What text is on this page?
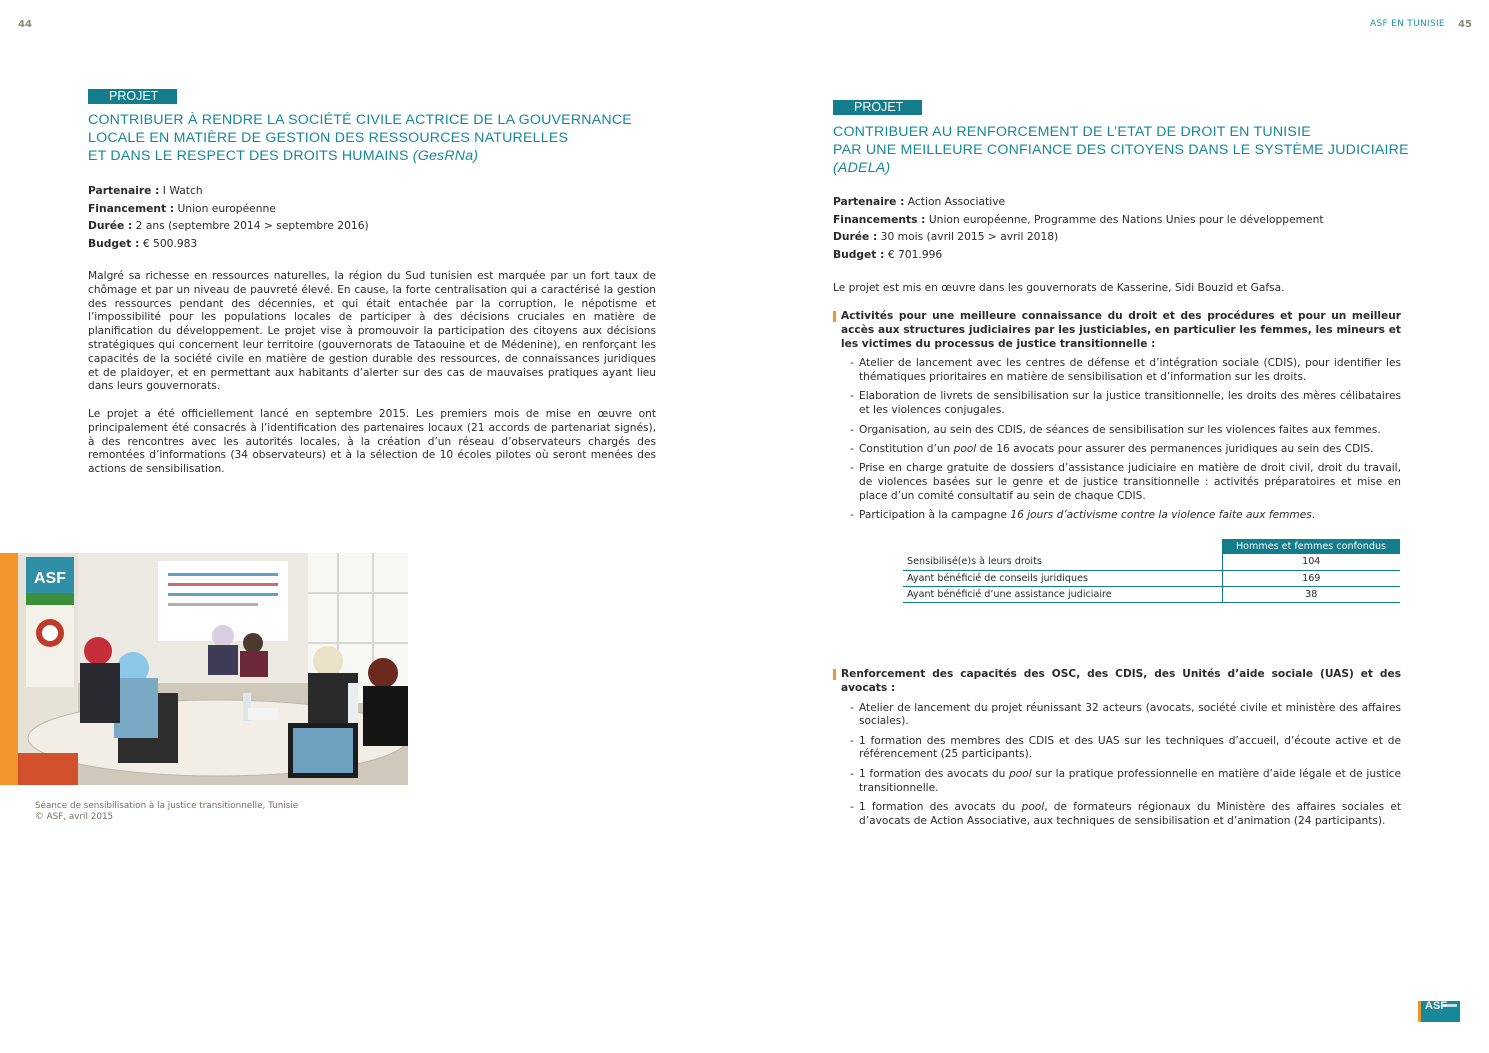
44	ASF EN TUNISIE 45
PROJET
CONTRIBUER À RENDRE LA SOCIÉTÉ CIVILE ACTRICE DE LA GOUVERNANCE
LOCALE EN MATIÈRE DE GESTION DES RESSOURCES NATURELLES
ET DANS LE RESPECT DES DROITS HUMAINS (GesRNa)
Partenaire : I Watch
Financement : Union européenne
Durée : 2 ans (septembre 2014 > septembre 2016)
Budget : € 500.983

Malgré sa richesse en ressources naturelles, la région du Sud tunisien est marquée par un fort taux de chômage et par un niveau de pauvreté élevé. En cause, la forte centralisation qui a caractérisé la gestion des ressources pendant des décennies, et qui était entachée par la corruption, le népotisme et l’impossibilité pour les populations locales de participer à des décisions cruciales en matière de planification du développement. Le projet vise à promouvoir la participation des citoyens aux décisions stratégiques qui concernent leur territoire (gouvernorats de Tataouine et de Médenine), en renforçant les capacités de la société civile en matière de gestion durable des ressources, de connaissances juridiques et de plaidoyer, et en permettant aux habitants d’alerter sur des cas de mauvaises pratiques ayant lieu dans leurs gouvernorats.

Le projet a été officiellement lancé en septembre 2015. Les premiers mois de mise en œuvre ont principalement été consacrés à l’identification des partenaires locaux (21 accords de partenariat signés), à des rencontres avec les autorités locales, à la création d’un réseau d’observateurs chargés des remontées d’informations (34 observateurs) et à la sélection de 10 écoles pilotes où seront menées des actions de sensibilisation.

ASF
Séance de sensibilisation à la justice transitionnelle, Tunisie
© ASF, avril 2015
PROJET
CONTRIBUER AU RENFORCEMENT DE L’ETAT DE DROIT EN TUNISIE
PAR UNE MEILLEURE CONFIANCE DES CITOYENS DANS LE SYSTÈME JUDICIAIRE
(ADELA)
Partenaire : Action Associative
Financements : Union européenne, Programme des Nations Unies pour le développement
Durée : 30 mois (avril 2015 > avril 2018)
Budget : € 701.996

Le projet est mis en œuvre dans les gouvernorats de Kasserine, Sidi Bouzid et Gafsa.

Activités pour une meilleure connaissance du droit et des procédures et pour un meilleur accès aux structures judiciaires par les justiciables, en particulier les femmes, les mineurs et les victimes du processus de justice transitionnelle :
- Atelier de lancement avec les centres de défense et d’intégration sociale (CDIS), pour identifier les thématiques prioritaires en matière de sensibilisation et d’information sur les droits.
- Elaboration de livrets de sensibilisation sur la justice transitionnelle, les droits des mères célibataires et les violences conjugales.
- Organisation, au sein des CDIS, de séances de sensibilisation sur les violences faites aux femmes.
- Constitution d’un pool de 16 avocats pour assurer des permanences juridiques au sein des CDIS.
- Prise en charge gratuite de dossiers d’assistance judiciaire en matière de droit civil, droit du travail, de violences basées sur le genre et de justice transitionnelle : activités préparatoires et mise en place d’un comité consultatif au sein de chaque CDIS.
- Participation à la campagne 16 jours d’activisme contre la violence faite aux femmes.
	Hommes et femmes confondus
Sensibilisé(e)s à leurs droits	104
Ayant bénéficié de conseils juridiques	169
Ayant bénéficié d’une assistance judiciaire	38
Renforcement des capacités des OSC, des CDIS, des Unités d’aide sociale (UAS) et des avocats :
- Atelier de lancement du projet réunissant 32 acteurs (avocats, société civile et ministère des affaires sociales).
- 1 formation des membres des CDIS et des UAS sur les techniques d’accueil, d’écoute active et de référencement (25 participants).
- 1 formation des avocats du pool sur la pratique professionnelle en matière d’aide légale et de justice transitionnelle.
- 1 formation des avocats du pool, de formateurs régionaux du Ministère des affaires sociales et d’avocats de Action Associative, aux techniques de sensibilisation et d’animation (24 participants).
ASF
